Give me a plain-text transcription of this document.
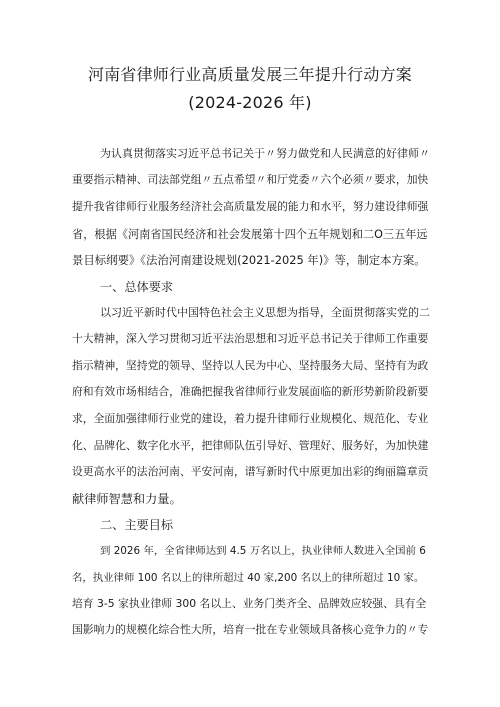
河南省律师行业高质量发展三年提升行动方案
(2024-2026 年)
为认真贯彻落实习近平总书记关于〃努力做党和人民满意的好律师〃
重要指示精神、司法部党组〃五点希望〃和厅党委〃六个必须〃要求，加快
提升我省律师行业服务经济社会高质量发展的能力和水平，努力建设律师强
省，根据《河南省国民经济和社会发展第十四个五年规划和二O三五年远
景目标纲要》《法治河南建设规划(2021-2025 年)》等，制定本方案。
一、总体要求
以习近平新时代中国特色社会主义思想为指导，全面贯彻落实党的二
十大精神，深入学习贯彻习近平法治思想和习近平总书记关于律师工作重要
指示精神，坚持党的领导、坚持以人民为中心、坚持服务大局、坚持有为政
府和有效市场相结合，准确把握我省律师行业发展面临的新形势新阶段新要
求，全面加强律师行业党的建设，着力提升律师行业规模化、规范化、专业
化、品牌化、数字化水平，把律师队伍引导好、管理好、服务好，为加快建
设更高水平的法治河南、平安河南，谱写新时代中原更加出彩的绚丽篇章贡
献律师智慧和力量。
二、主要目标
到 2026 年，全省律师达到 4.5 万名以上，执业律师人数进入全国前 6
名，执业律师 100 名以上的律所超过 40 家,200 名以上的律所超过 10 家。
培育 3-5 家执业律师 300 名以上、业务门类齐全、品牌效应较强、具有全
国影响力的规模化综合性大所，培育一批在专业领域具备核心竞争力的〃专
